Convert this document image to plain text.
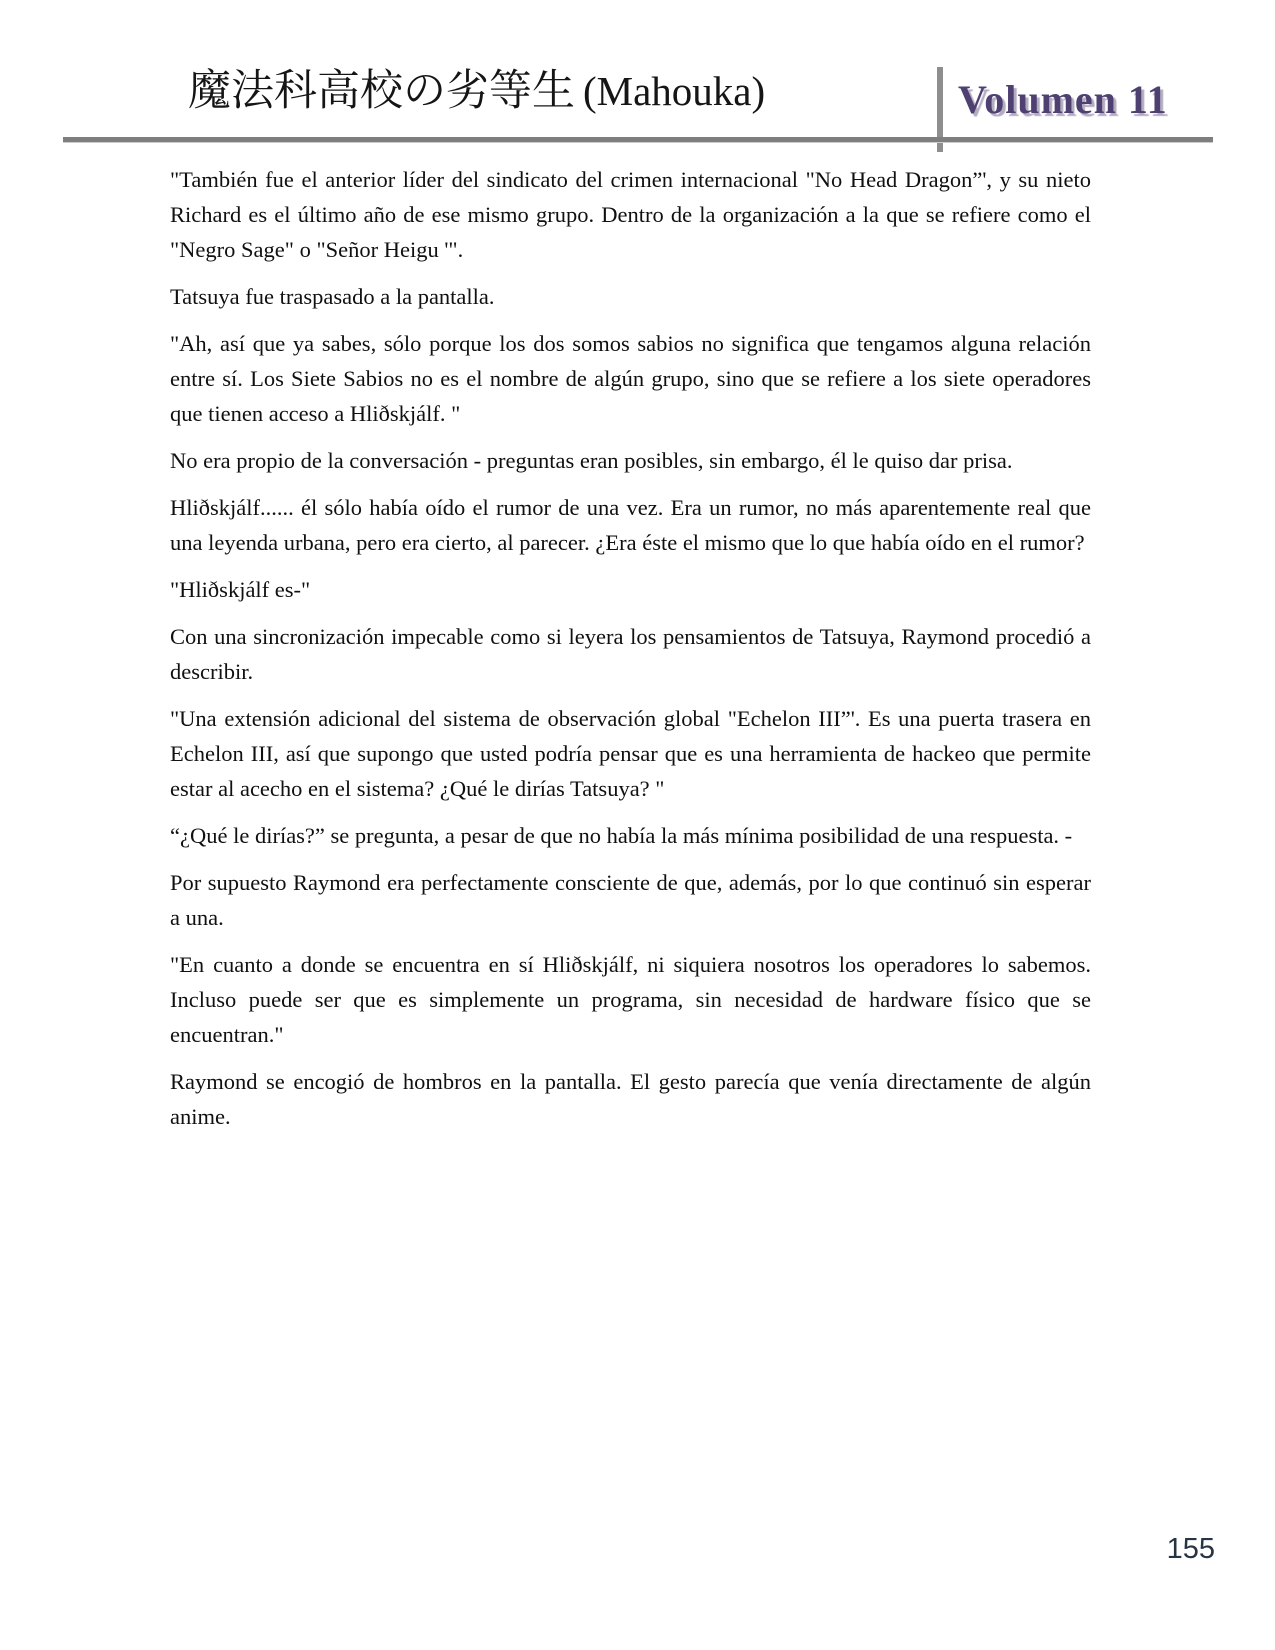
魔法科高校の劣等生 (Mahouka)	Volumen 11

"También fue el anterior líder del sindicato del crimen internacional "No Head Dragon”', y su nieto Richard es el último año de ese mismo grupo. Dentro de la organización a la que se refiere como el "Negro Sage" o "Señor Heigu '".

Tatsuya fue traspasado a la pantalla.

"Ah, así que ya sabes, sólo porque los dos somos sabios no significa que tengamos alguna relación entre sí. Los Siete Sabios no es el nombre de algún grupo, sino que se refiere a los siete operadores que tienen acceso a Hliðskjálf. "

No era propio de la conversación - preguntas eran posibles, sin embargo, él le quiso dar prisa.

Hliðskjálf...... él sólo había oído el rumor de una vez. Era un rumor, no más aparentemente real que una leyenda urbana, pero era cierto, al parecer. ¿Era éste el mismo que lo que había oído en el rumor?

"Hliðskjálf es-"

Con una sincronización impecable como si leyera los pensamientos de Tatsuya, Raymond procedió a describir.

"Una extensión adicional del sistema de observación global "Echelon III”'. Es una puerta trasera en Echelon III, así que supongo que usted podría pensar que es una herramienta de hackeo que permite estar al acecho en el sistema? ¿Qué le dirías Tatsuya? "

“¿Qué le dirías?” se pregunta, a pesar de que no había la más mínima posibilidad de una respuesta. -

Por supuesto Raymond era perfectamente consciente de que, además, por lo que continuó sin esperar a una.

"En cuanto a donde se encuentra en sí Hliðskjálf, ni siquiera nosotros los operadores lo sabemos. Incluso puede ser que es simplemente un programa, sin necesidad de hardware físico que se encuentran."

Raymond se encogió de hombros en la pantalla. El gesto parecía que venía directamente de algún anime.

155
